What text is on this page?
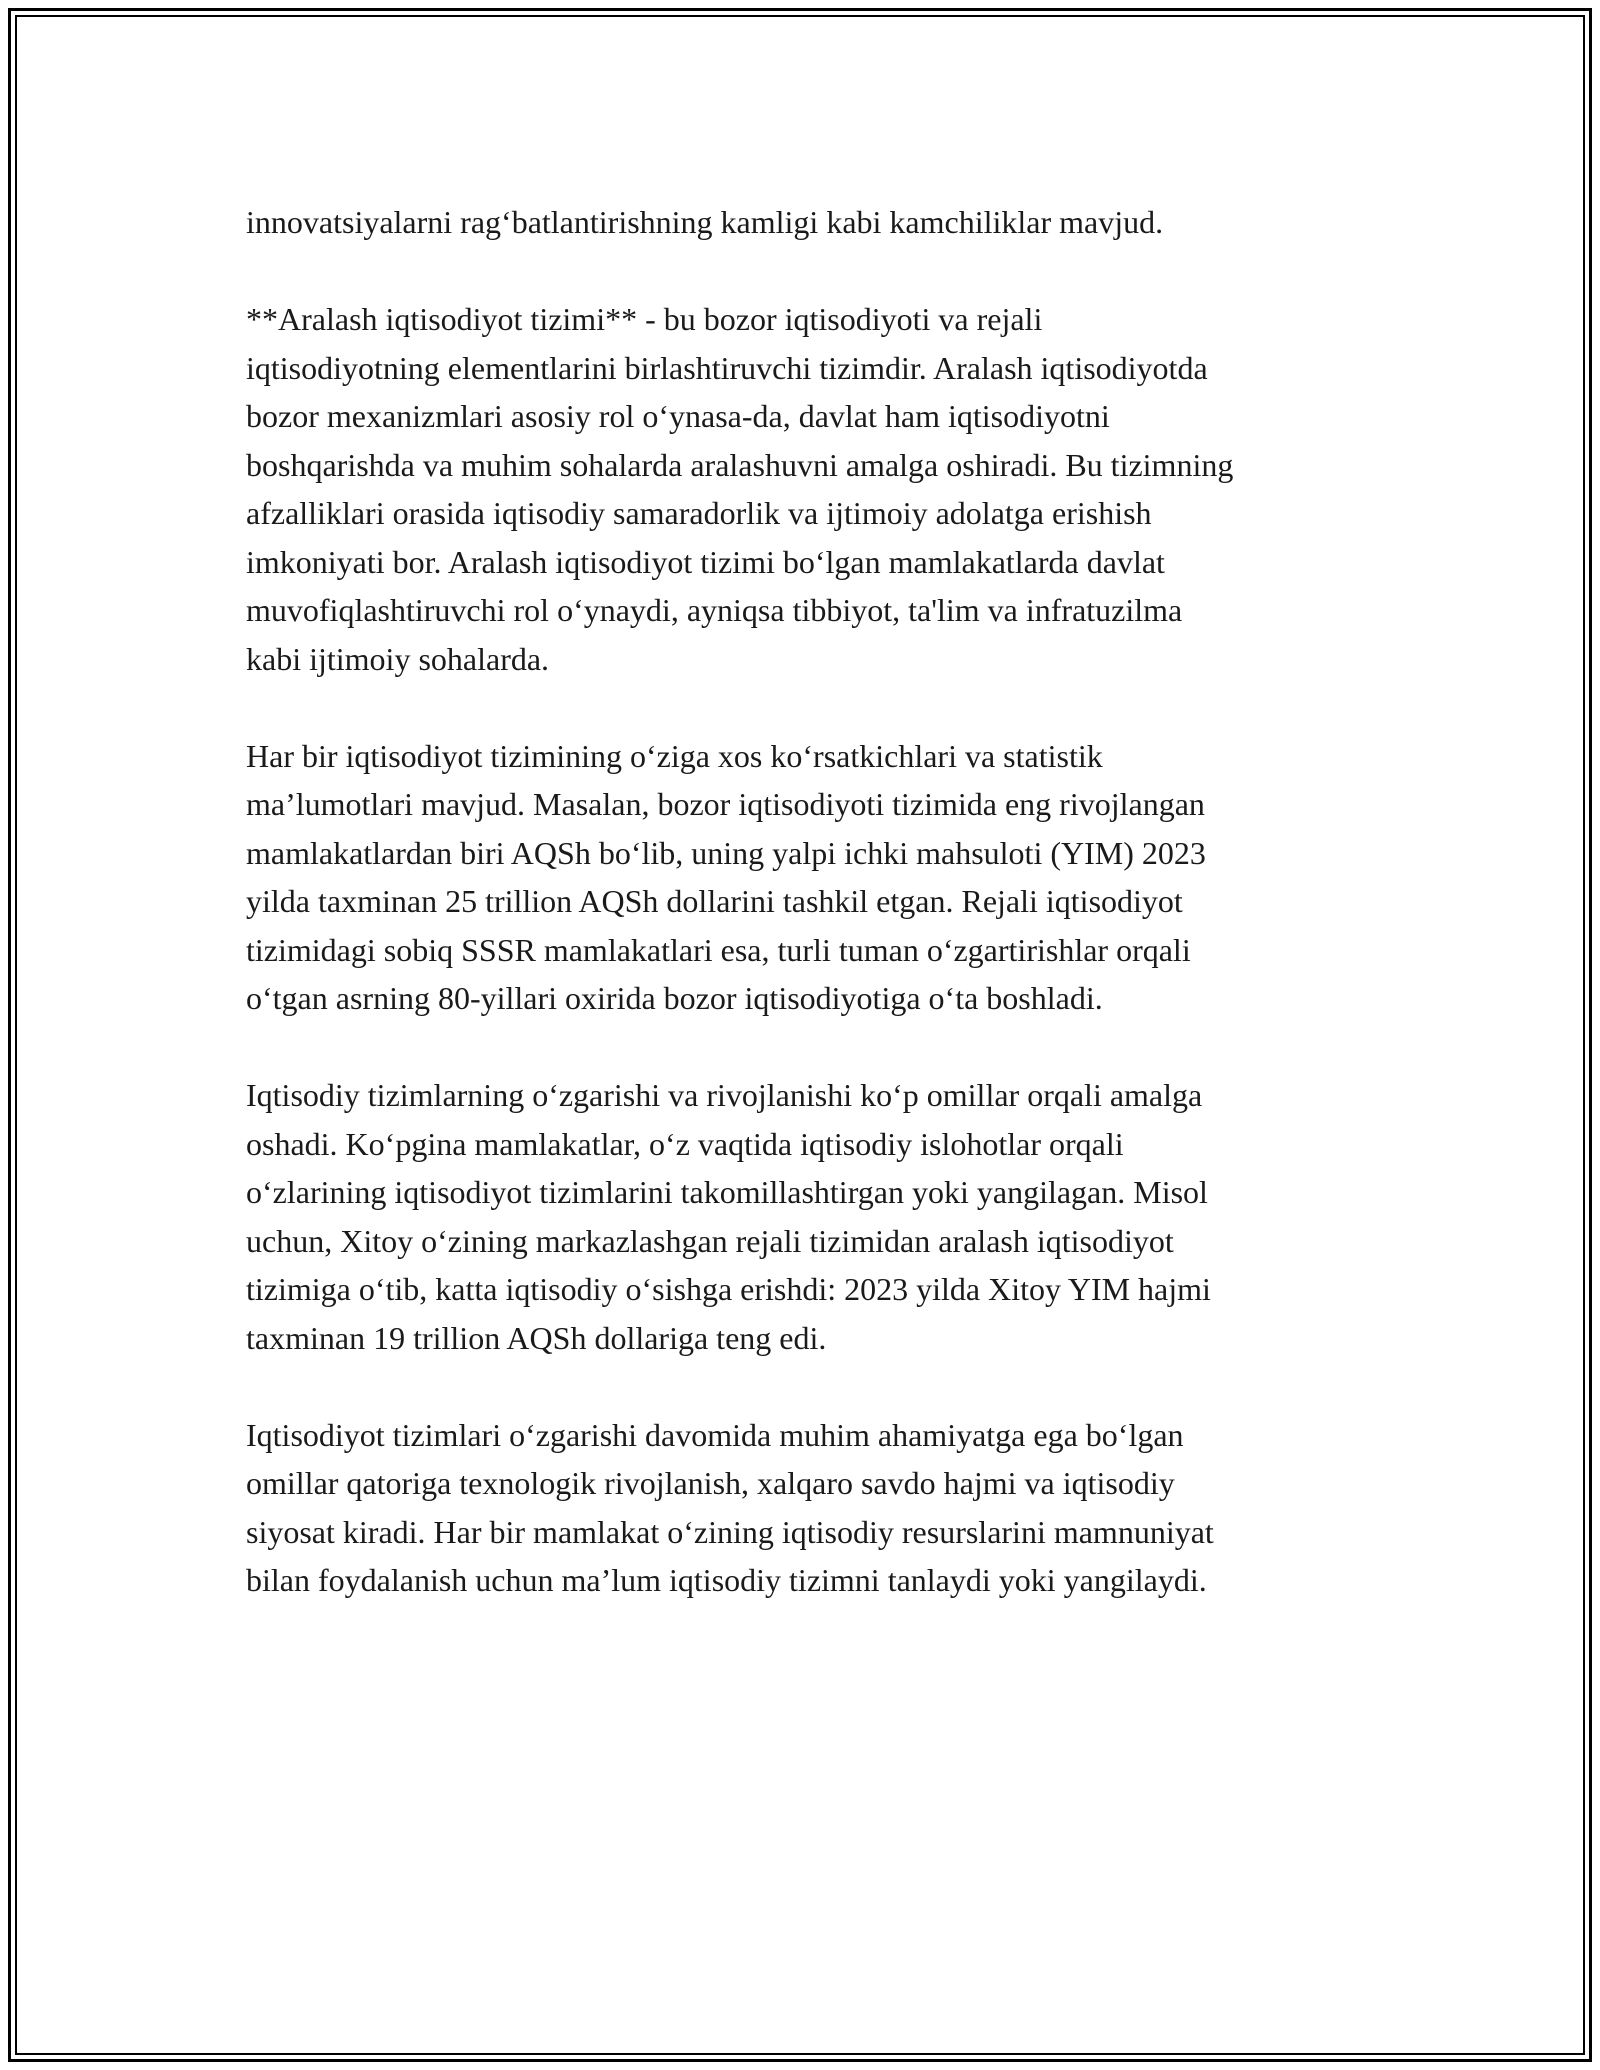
innovatsiyalarni rag‘batlantirishning kamligi kabi kamchiliklar mavjud.

**Aralash iqtisodiyot tizimi** - bu bozor iqtisodiyoti va rejali
iqtisodiyotning elementlarini birlashtiruvchi tizimdir. Aralash iqtisodiyotda
bozor mexanizmlari asosiy rol o‘ynasa-da, davlat ham iqtisodiyotni
boshqarishda va muhim sohalarda aralashuvni amalga oshiradi. Bu tizimning
afzalliklari orasida iqtisodiy samaradorlik va ijtimoiy adolatga erishish
imkoniyati bor. Aralash iqtisodiyot tizimi bo‘lgan mamlakatlarda davlat
muvofiqlashtiruvchi rol o‘ynaydi, ayniqsa tibbiyot, ta'lim va infratuzilma
kabi ijtimoiy sohalarda.

Har bir iqtisodiyot tizimining o‘ziga xos ko‘rsatkichlari va statistik
ma’lumotlari mavjud. Masalan, bozor iqtisodiyoti tizimida eng rivojlangan
mamlakatlardan biri AQSh bo‘lib, uning yalpi ichki mahsuloti (YIM) 2023
yilda taxminan 25 trillion AQSh dollarini tashkil etgan. Rejali iqtisodiyot
tizimidagi sobiq SSSR mamlakatlari esa, turli tuman o‘zgartirishlar orqali
o‘tgan asrning 80-yillari oxirida bozor iqtisodiyotiga o‘ta boshladi.

Iqtisodiy tizimlarning o‘zgarishi va rivojlanishi ko‘p omillar orqali amalga
oshadi. Ko‘pgina mamlakatlar, o‘z vaqtida iqtisodiy islohotlar orqali
o‘zlarining iqtisodiyot tizimlarini takomillashtirgan yoki yangilagan. Misol
uchun, Xitoy o‘zining markazlashgan rejali tizimidan aralash iqtisodiyot
tizimiga o‘tib, katta iqtisodiy o‘sishga erishdi: 2023 yilda Xitoy YIM hajmi
taxminan 19 trillion AQSh dollariga teng edi.

Iqtisodiyot tizimlari o‘zgarishi davomida muhim ahamiyatga ega bo‘lgan
omillar qatoriga texnologik rivojlanish, xalqaro savdo hajmi va iqtisodiy
siyosat kiradi. Har bir mamlakat o‘zining iqtisodiy resurslarini mamnuniyat
bilan foydalanish uchun ma’lum iqtisodiy tizimni tanlaydi yoki yangilaydi.
